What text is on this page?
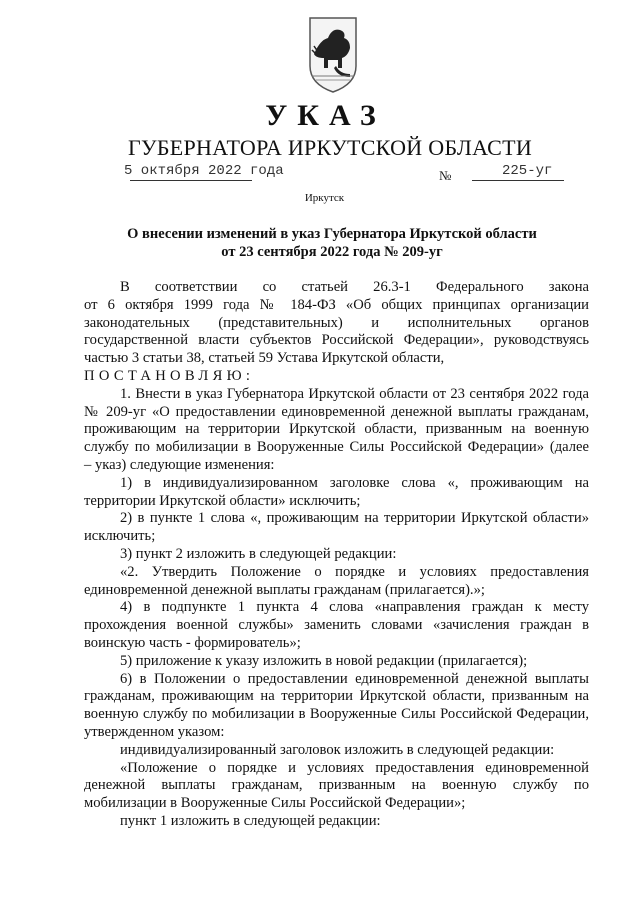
УКАЗ
ГУБЕРНАТОРА ИРКУТСКОЙ ОБЛАСТИ
5 октября 2022 года	№	225-уг
Иркутск
О внесении изменений в указ Губернатора Иркутской области
от 23 сентября 2022 года № 209-уг

В соответствии со статьей 26.3-1 Федерального закона

от 6 октября 1999 года № 184-ФЗ «Об общих принципах организации

законодательных (представительных) и исполнительных органов

государственной власти субъектов Российской Федерации», руководствуясь

частью 3 статьи 38, статьей 59 Устава Иркутской области,

ПОСТАНОВЛЯЮ:

1. Внести в указ Губернатора Иркутской области от 23 сентября 2022 года

№ 209-уг «О предоставлении единовременной денежной выплаты гражданам,

проживающим на территории Иркутской области, призванным на военную

службу по мобилизации в Вооруженные Силы Российской Федерации» (далее

– указ) следующие изменения:

1) в индивидуализированном заголовке слова «, проживающим на

территории Иркутской области» исключить;

2) в пункте 1 слова «, проживающим на территории Иркутской области»

исключить;

3) пункт 2 изложить в следующей редакции:

«2. Утвердить Положение о порядке и условиях предоставления

единовременной денежной выплаты гражданам (прилагается).»;

4) в подпункте 1 пункта 4 слова «направления граждан к месту

прохождения военной службы» заменить словами «зачисления граждан в

воинскую часть - формирователь»;

5) приложение к указу изложить в новой редакции (прилагается);

6) в Положении о предоставлении единовременной денежной выплаты

гражданам, проживающим на территории Иркутской области, призванным на

военную службу по мобилизации в Вооруженные Силы Российской Федерации,

утвержденном указом:

индивидуализированный заголовок изложить в следующей редакции:

«Положение о порядке и условиях предоставления единовременной

денежной выплаты гражданам, призванным на военную службу по

мобилизации в Вооруженные Силы Российской Федерации»;

пункт 1 изложить в следующей редакции:
